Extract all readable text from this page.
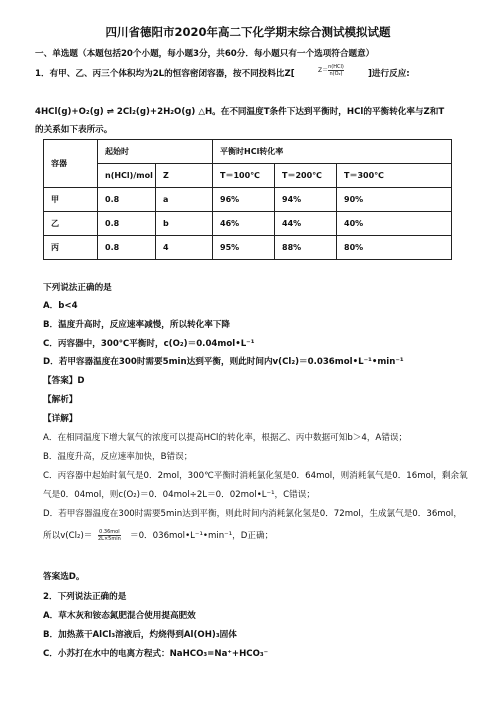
四川省德阳市2020年高二下化学期末综合测试模拟试题
一、单选题（本题包括20个小题，每小题3分，共60分．每小题只有一个选项符合题意）
1．有甲、乙、丙三个体积均为2L的恒容密闭容器，按不同投料比Z[	Z＝ n(HCl)
n(O₂)	]进行反应:
4HCl(g)+O₂(g) ⇌ 2Cl₂(g)+2H₂O(g) △H。在不同温度T条件下达到平衡时，HCl的平衡转化率与Z和T
的关系如下表所示。
容器	起始时		平衡时HCl转化率		
	n(HCl)/mol	Z	T＝100℃	T＝200℃	T＝300℃
甲	0.8	a	96%	94%	90%
乙	0.8	b	46%	44%	40%
丙	0.8	4	95%	88%	80%
下列说法正确的是
A．b<4
B．温度升高时，反应速率减慢，所以转化率下降
C．丙容器中，300℃平衡时，c(O₂)＝0.04mol•L⁻¹
D．若甲容器温度在300时需要5min达到平衡，则此时间内v(Cl₂)＝0.036mol•L⁻¹•min⁻¹
【答案】D
【解析】
【详解】
A．在相同温度下增大氧气的浓度可以提高HCl的转化率，根据乙、丙中数据可知b＞4，A错误；
B．温度升高，反应速率加快，B错误；
C．丙容器中起始时氧气是0．2mol，300℃平衡时消耗氯化氢是0．64mol，则消耗氧气是0．16mol，剩余氧
气是0．04mol，则c(O₂)＝0．04mol÷2L＝0．02mol•L⁻¹，C错误；
D．若甲容器温度在300时需要5min达到平衡，则此时间内消耗氯化氢是0．72mol，生成氯气是0．36mol，
所以v(Cl₂)＝ 0.36mol
2L×5min ＝0．036mol•L⁻¹•min⁻¹，D正确；
答案选D。
2．下列说法正确的是
A．草木灰和铵态氮肥混合使用提高肥效
B．加热蒸干AlCl₃溶液后，灼烧得到Al(OH)₃固体
C．小苏打在水中的电离方程式：NaHCO₃=Na⁺+HCO₃⁻
